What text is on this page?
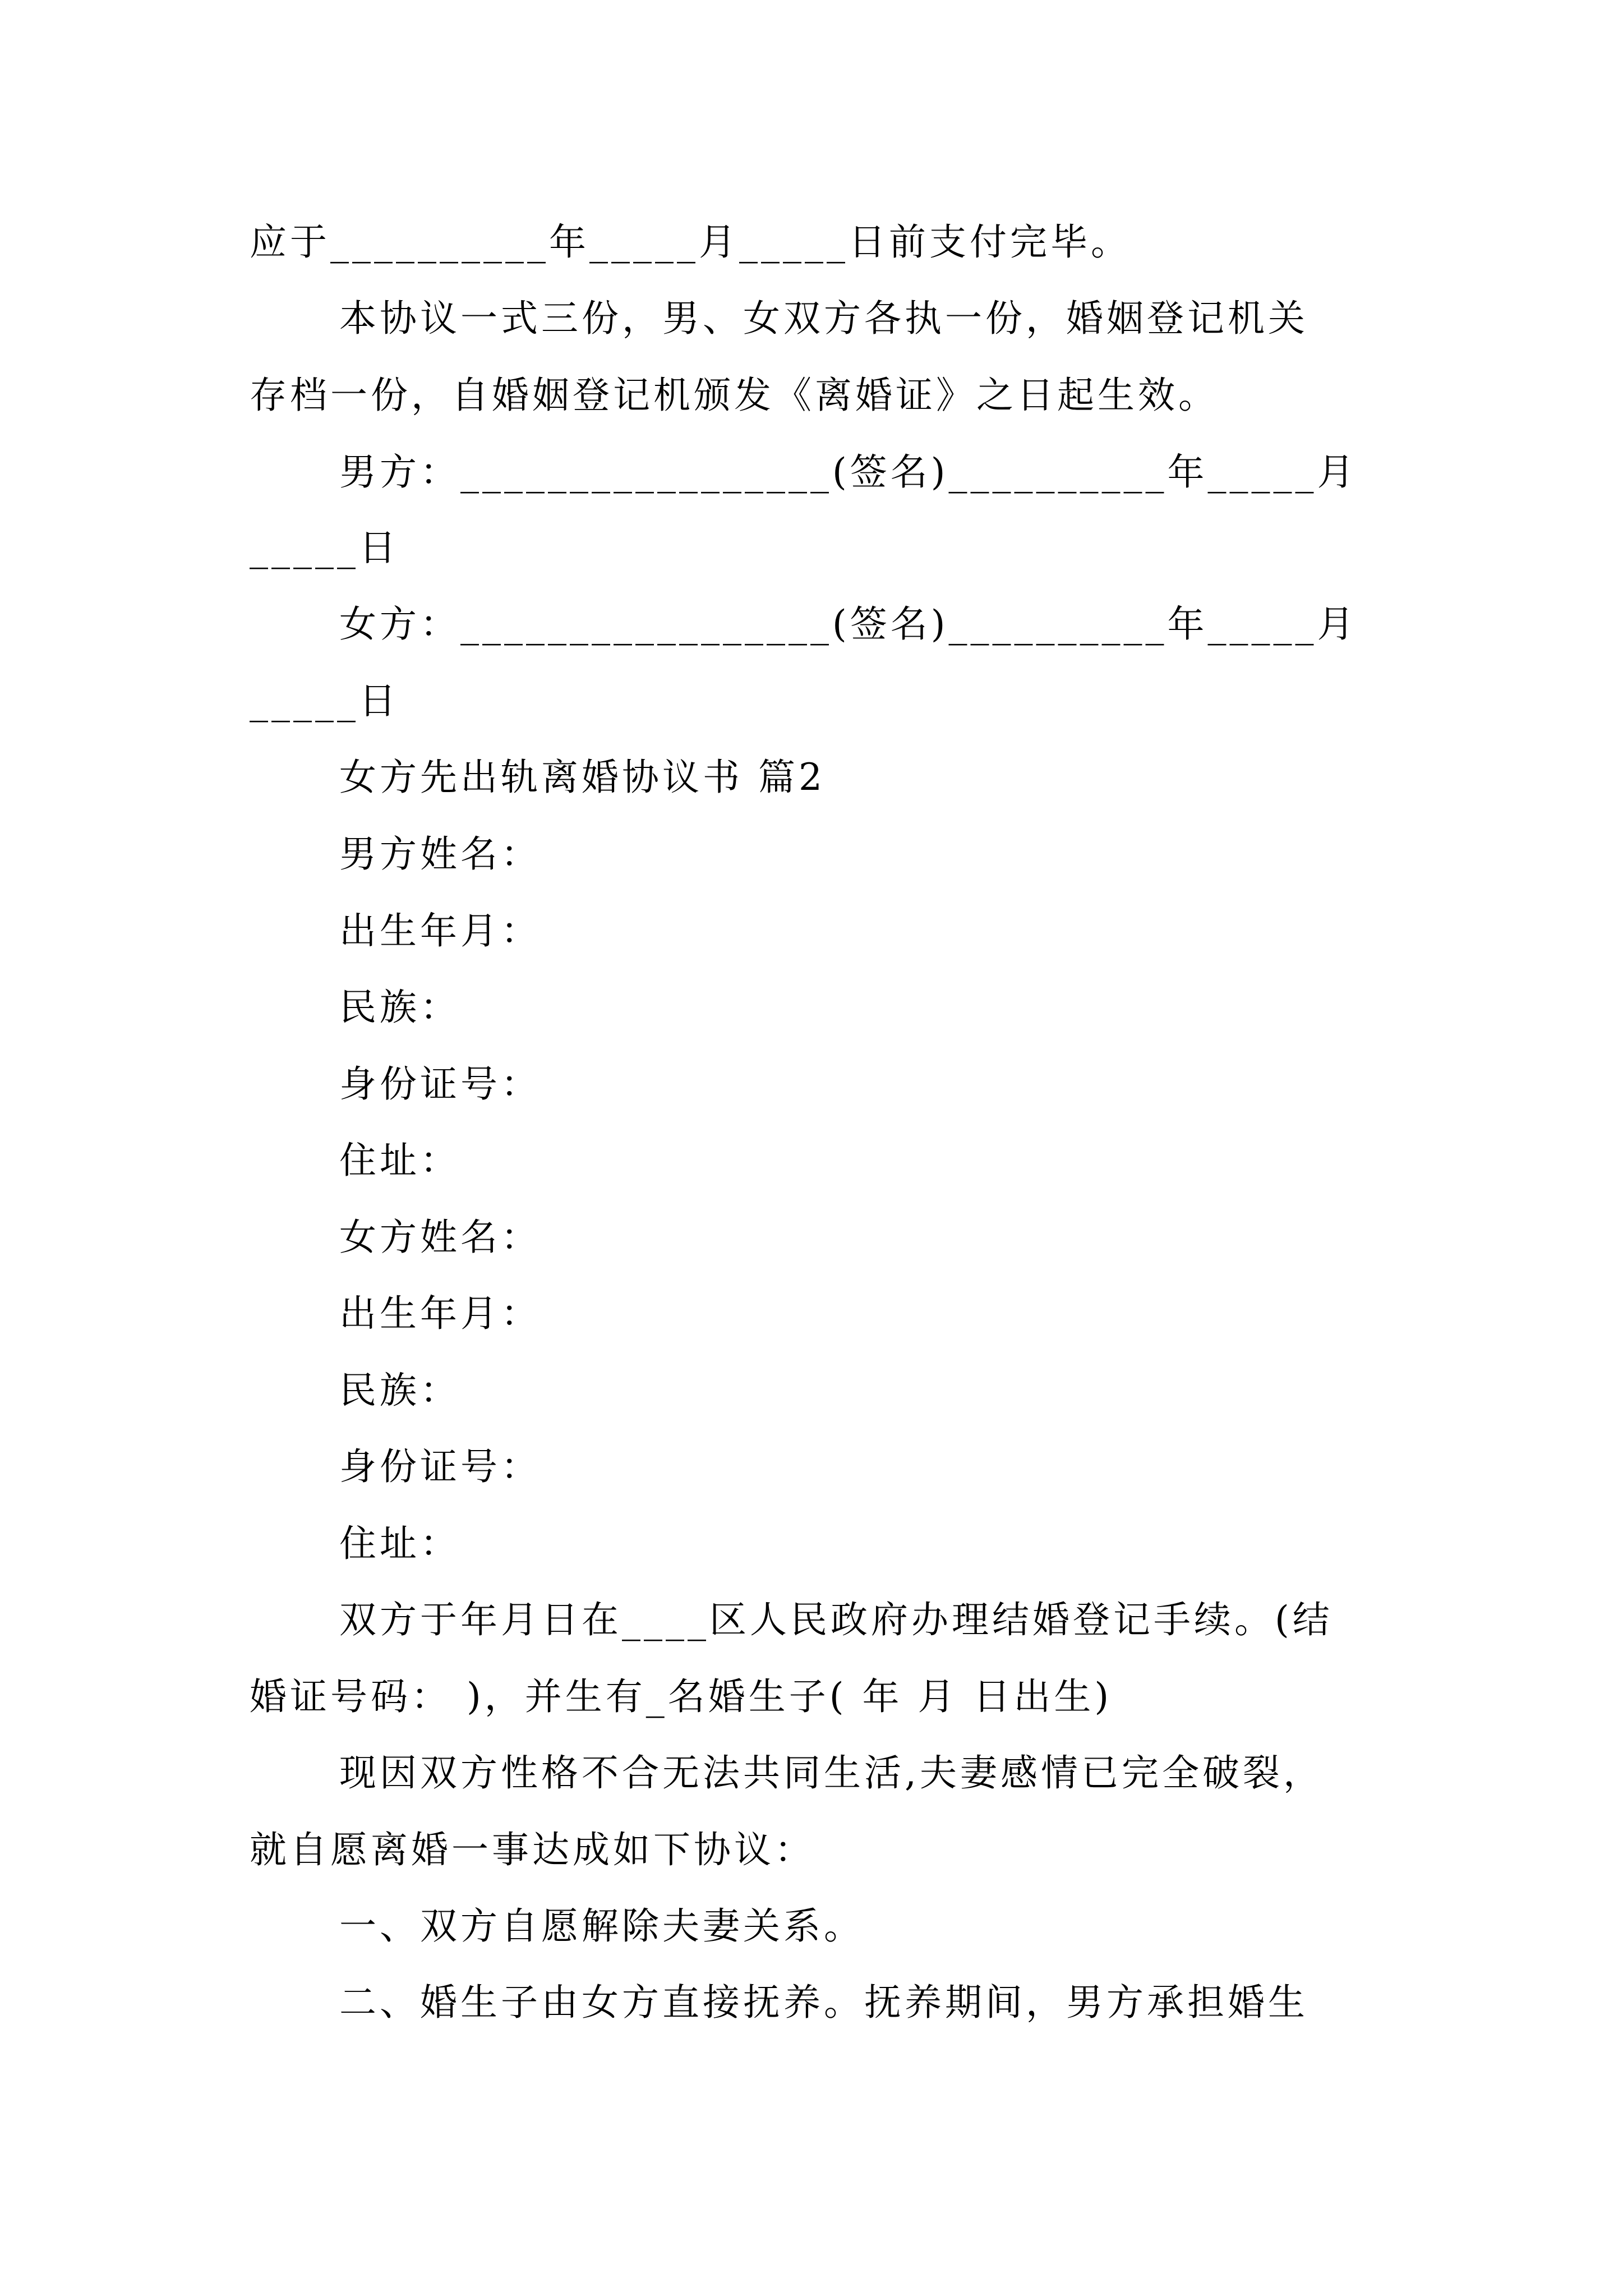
应于__________年_____月_____日前支付完毕。
本协议一式三份，男、女双方各执一份，婚姻登记机关
存档一份，自婚姻登记机颁发《离婚证》之日起生效。
男方：_________________(签名)__________年_____月
_____日
女方：_________________(签名)__________年_____月
_____日
女方先出轨离婚协议书 篇2
男方姓名：
出生年月：
民族：
身份证号：
住址：
女方姓名：
出生年月：
民族：
身份证号：
住址：
双方于年月日在____区人民政府办理结婚登记手续。(结
婚证号码： )，并生有_名婚生子( 年 月 日出生)
现因双方性格不合无法共同生活,夫妻感情已完全破裂，
就自愿离婚一事达成如下协议：
一、双方自愿解除夫妻关系。
二、婚生子由女方直接抚养。抚养期间，男方承担婚生
